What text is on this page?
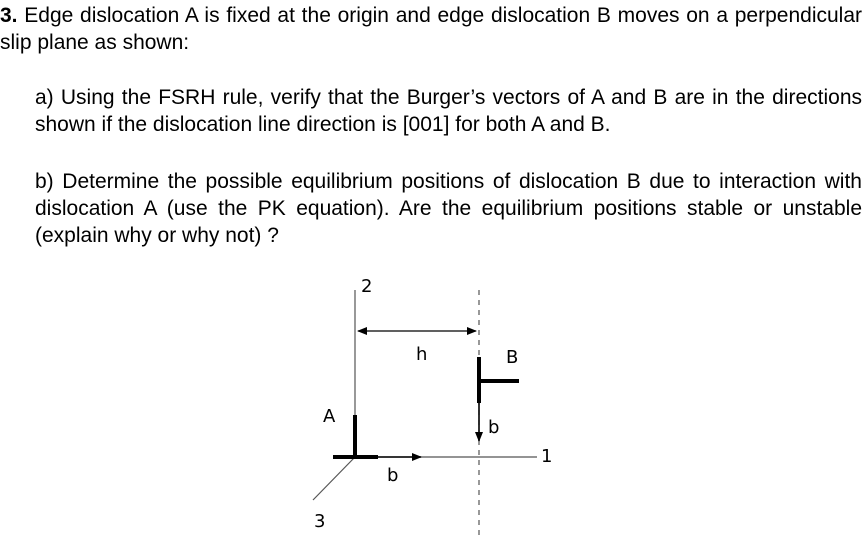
3. Edge dislocation A is fixed at the origin and edge dislocation B moves on a perpendicular slip plane as shown:

a) Using the FSRH rule, verify that the Burger’s vectors of A and B are in the directions shown if the dislocation line direction is [001] for both A and B.

b) Determine the possible equilibrium positions of dislocation B due to interaction with dislocation A (use the PK equation). Are the equilibrium positions stable or unstable (explain why or why not) ?

2
1
3
A
B
h
b
b
